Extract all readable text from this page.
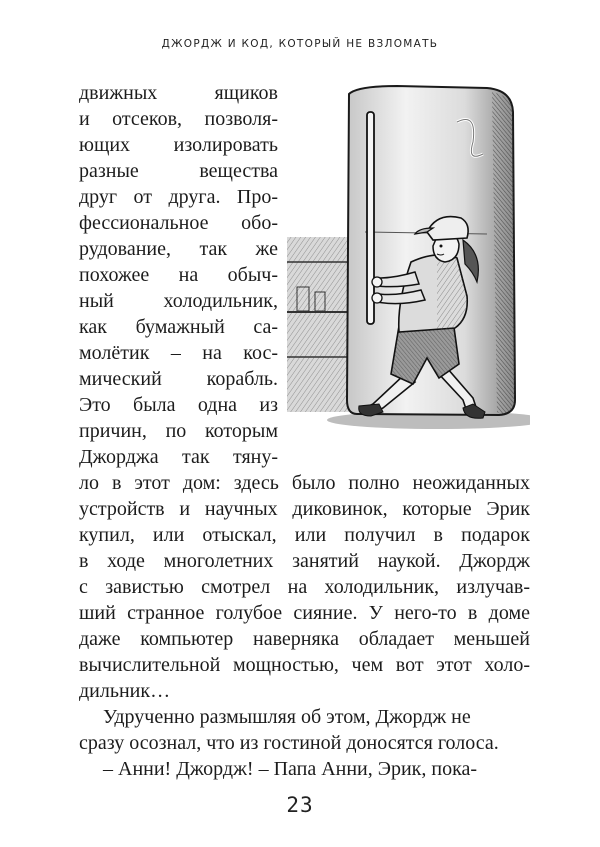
ДЖОРДЖ И КОД, КОТОРЫЙ НЕ ВЗЛОМАТЬ

движных ящиков

и отсеков, позволя-

ющих изолировать

разные вещества

друг от друга. Про-

фессиональное обо-

рудование, так же

похожее на обыч-

ный холодильник,

как бумажный са-

молётик – на кос-

мический корабль.

Это была одна из

причин, по которым

Джорджа так тяну-

ло в этот дом: здесь было полно неожиданных

устройств и научных диковинок, которые Эрик

купил, или отыскал, или получил в подарок

в ходе многолетних занятий наукой. Джордж

с завистью смотрел на холодильник, излучав-

ший странное голубое сияние. У него-то в доме

даже компьютер наверняка обладает меньшей

вычислительной мощностью, чем вот этот холо-

дильник…

Удрученно размышляя об этом, Джордж не

сразу осознал, что из гостиной доносятся голоса.

– Анни! Джордж! – Папа Анни, Эрик, пока-

23
